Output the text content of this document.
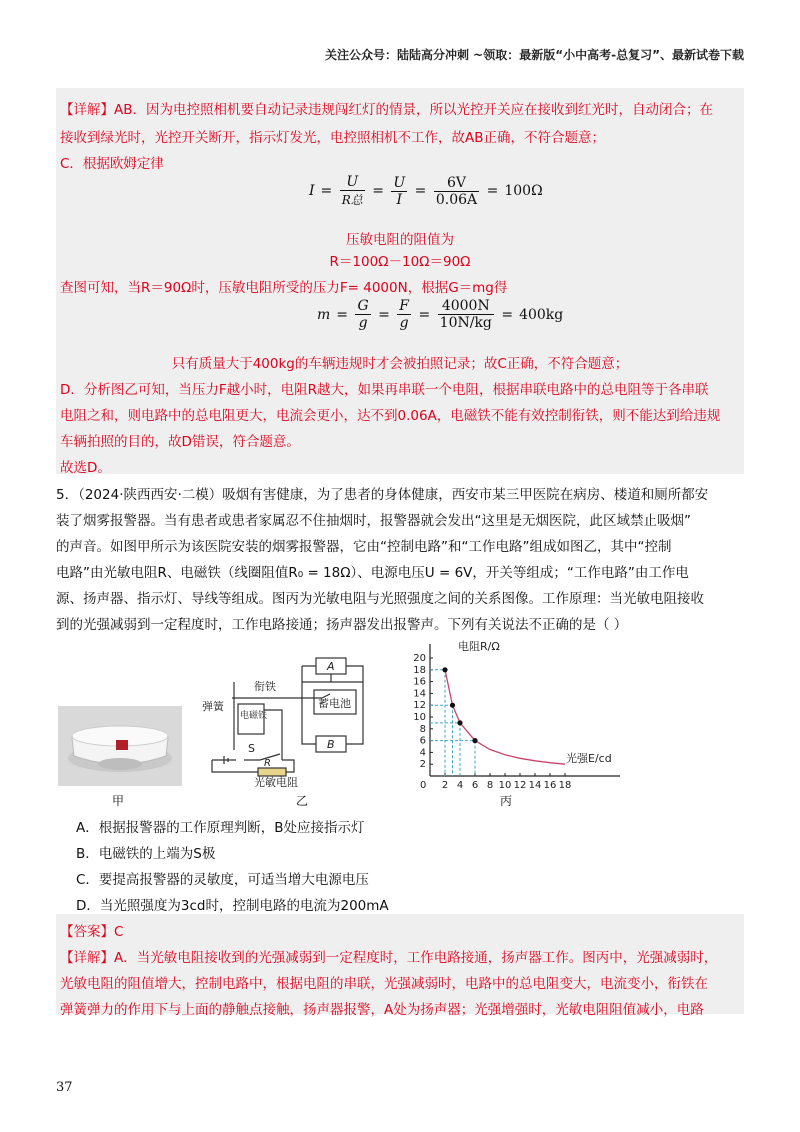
关注公众号：陆陆高分冲刺 ~领取：最新版“小中高考-总复习”、最新试卷下载
【详解】AB．因为电控照相机要自动记录违规闯红灯的情景，所以光控开关应在接收到红光时，自动闭合；在
接收到绿光时，光控开关断开，指示灯发光，电控照相机不工作，故AB正确，不符合题意；
C．根据欧姆定律
$I = \frac{U}{\text{R总}} = \frac{U}{I} = \frac{6V}{0.06A} = 100\Omega$
压敏电阻的阻值为
R＝100Ω－10Ω＝90Ω
查图可知，当R＝90Ω时，压敏电阻所受的压力F= 4000N，根据G＝mg得
$m = \frac{G}{g} = \frac{F}{g} = \frac{4000N}{10N/kg} = 400kg$
只有质量大于400kg的车辆违规时才会被拍照记录；故C正确，不符合题意；
D．分析图乙可知，当压力F越小时，电阻R越大，如果再串联一个电阻，根据串联电路中的总电阻等于各串联
电阻之和，则电路中的总电阻更大，电流会更小，达不到0.06A，电磁铁不能有效控制衔铁，则不能达到给违规
车辆拍照的目的，故D错误，符合题意。
故选D。
5．（2024·陕西西安·二模）吸烟有害健康，为了患者的身体健康，西安市某三甲医院在病房、楼道和厕所都安
装了烟雾报警器。当有患者或患者家属忍不住抽烟时，报警器就会发出“这里是无烟医院，此区域禁止吸烟”
的声音。如图甲所示为该医院安装的烟雾报警器，它由“控制电路”和“工作电路”组成如图乙，其中“控制
电路”由光敏电阻R、电磁铁（线圈阻值R₀ = 18Ω）、电源电压U = 6V，开关等组成；“工作电路”由工作电
源、扬声器、指示灯、导线等组成。图丙为光敏电阻与光照强度之间的关系图像。工作原理：当光敏电阻接收
到的光强减弱到一定程度时，工作电路接通；扬声器发出报警声。下列有关说法不正确的是（ ）
甲
衔铁
弹簧
电磁铁
蓄电池
A
B
S
R
光敏电阻
乙
0 2 4 6 8 10 12 14 16 18
2
4
6
8
10
12
14
16
18
20
电阻R/Ω
光强E/cd
丙
A．根据报警器的工作原理判断，B处应接指示灯
B．电磁铁的上端为S极
C．要提高报警器的灵敏度，可适当增大电源电压
D．当光照强度为3cd时，控制电路的电流为200mA
【答案】C
【详解】A．当光敏电阻接收到的光强减弱到一定程度时，工作电路接通，扬声器工作。图丙中，光强减弱时，
光敏电阻的阻值增大，控制电路中，根据电阻的串联，光强减弱时，电路中的总电阻变大，电流变小，衔铁在
弹簧弹力的作用下与上面的静触点接触，扬声器报警，A处为扬声器；光强增强时，光敏电阻阻值减小，电路
37
